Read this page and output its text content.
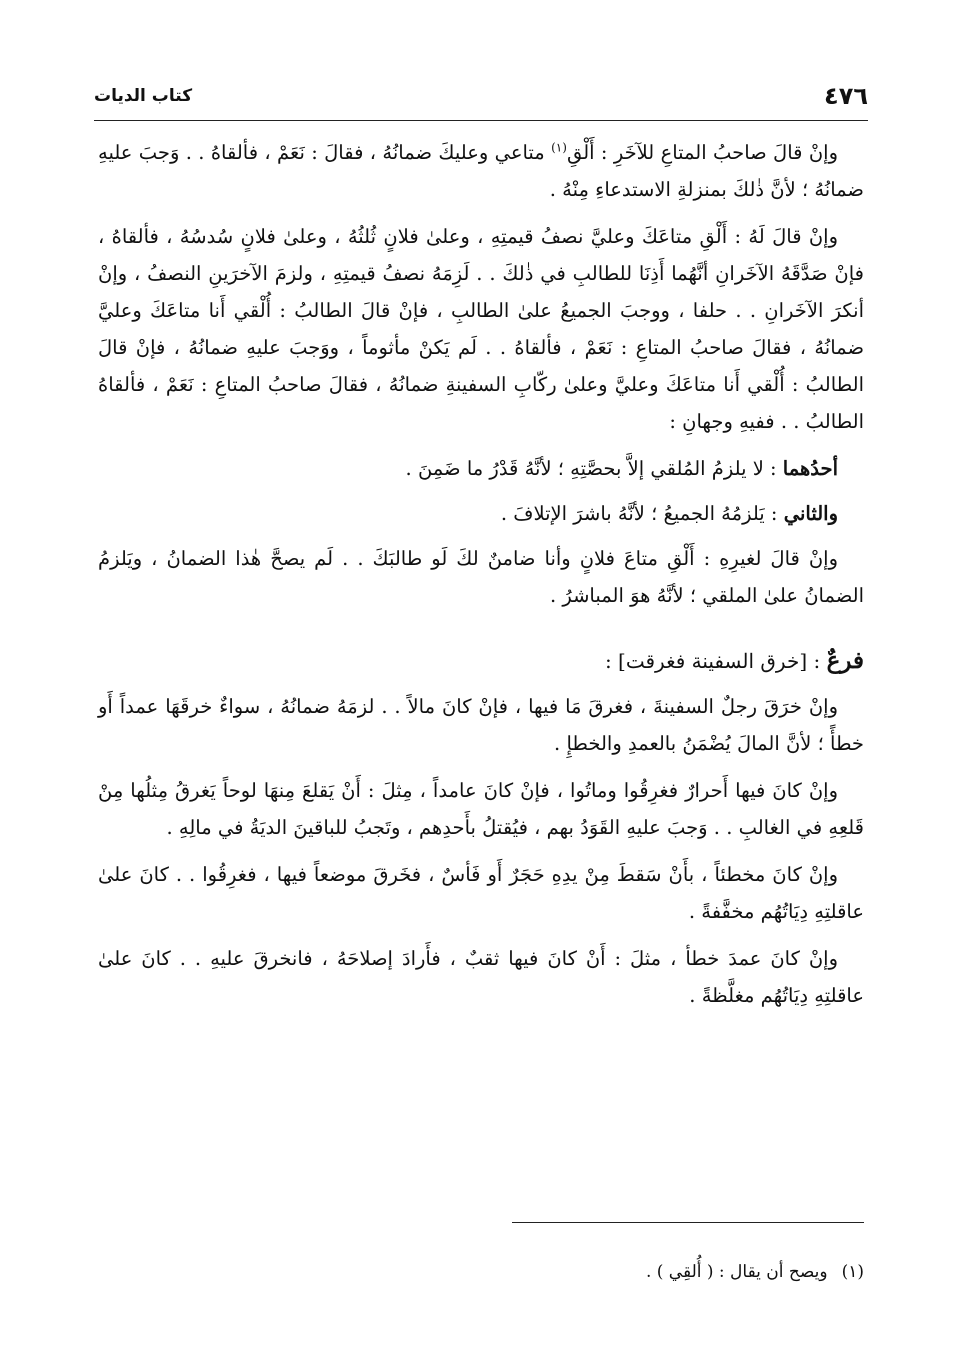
٤٧٦
كتاب الديات

وإنْ قالَ صاحبُ المتاعِ للآخَرِ : أَلْقِ$^{(١)}$ متاعي وعليكَ ضمانُهُ ، فقالَ : نَعَمْ ، فألقاهُ . . وَجبَ عليهِ ضمانُهُ ؛ لأنَّ ذٰلكَ بمنزلةِ الاستدعاءِ مِنْهُ .

وإنْ قالَ لَهُ : أَلْقِ متاعَكَ وعليَّ نصفُ قيمتِهِ ، وعلىٰ فلانٍ ثُلثُهُ ، وعلىٰ فلانٍ سُدسُهُ ، فألقاهُ ، فإنْ صَدَّقَهُ الآخَرانِ أنَّهُما أَذِنَا للطالبِ في ذٰلكَ . . لَزِمَهُ نصفُ قيمتِهِ ، ولزمَ الآخرَينِ النصفُ ، وإنْ أنكرَ الآخَرانِ . . حلفا ، ووجبَ الجميعُ علىٰ الطالبِ ، فإنْ قالَ الطالبُ : أُلْقي أَنا متاعَكَ وعليَّ ضمانُهُ ، فقالَ صاحبُ المتاعِ : نَعَمْ ، فألقاهُ . . لَم يَكنْ مأثوماً ، ووَجبَ عليهِ ضمانُهُ ، فإنْ قالَ الطالبُ : أُلْقي أَنا متاعَكَ وعليَّ وعلىٰ ركّابِ السفينةِ ضمانُهُ ، فقالَ صاحبُ المتاعِ : نَعَمْ ، فألقاهُ الطالبُ . . ففيهِ وجهانِ :

أحدُهما : لا يلزمُ المُلقي إلاَّ بحصَّتِهِ ؛ لأنَّهُ قَدْرُ ما ضَمِنَ .

والثاني : يَلزمُهُ الجميعُ ؛ لأنَّهُ باشرَ الإتلافَ .

وإنْ قالَ لغيرِهِ : أَلْقِ متاعَ فلانٍ وأنا ضامنٌ لكَ لَو طالبَكَ . . لَم يصحَّ هٰذا الضمانُ ، ويَلزمُ الضمانُ علىٰ الملقي ؛ لأنَّهُ هوَ المباشرُ .

فرعٌ : [خرق السفينة فغرقت] :

وإنْ خرَقَ رجلٌ السفينةَ ، فغرقَ مَا فيها ، فإنْ كانَ مالاً . . لزمَهُ ضمانُهُ ، سواءٌ خرقَهَا عمداً أَو خطأً ؛ لأنَّ المالَ يُضْمَنُ بالعمدِ والخطإِ .

وإنْ كانَ فيها أَحرارٌ فغرِقُوا وماتُوا ، فإنْ كانَ عامداً ، مِثلَ : أَنْ يَقلعَ مِنهَا لوحاً يَغرقُ مِثلُها مِنْ قَلعِهِ في الغالبِ . . وَجبَ عليهِ القَوَدُ بهم ، فيُقتلُ بأَحدِهم ، وتَجبُ للباقينَ الديَةُ في مالِهِ .

وإنْ كانَ مخطئاً ، بأَنْ سَقطَ مِنْ يدِهِ حَجَرٌ أَو فَأسٌ ، فخَرقَ موضعاً فيها ، فغرِقُوا . . كانَ علىٰ عاقلتِهِ دِيَاتُهُم مخفَّفةً .

وإنْ كانَ عمدَ خطأ ، مثلَ : أَنْ كانَ فيها ثقبٌ ، فأَرادَ إصلاحَهُ ، فانخرقَ عليهِ . . كانَ علىٰ عاقلتِهِ دِيَاتُهُم مغلَّظةً .

(١)ويصح أن يقال : ( أُلقِي ) .
